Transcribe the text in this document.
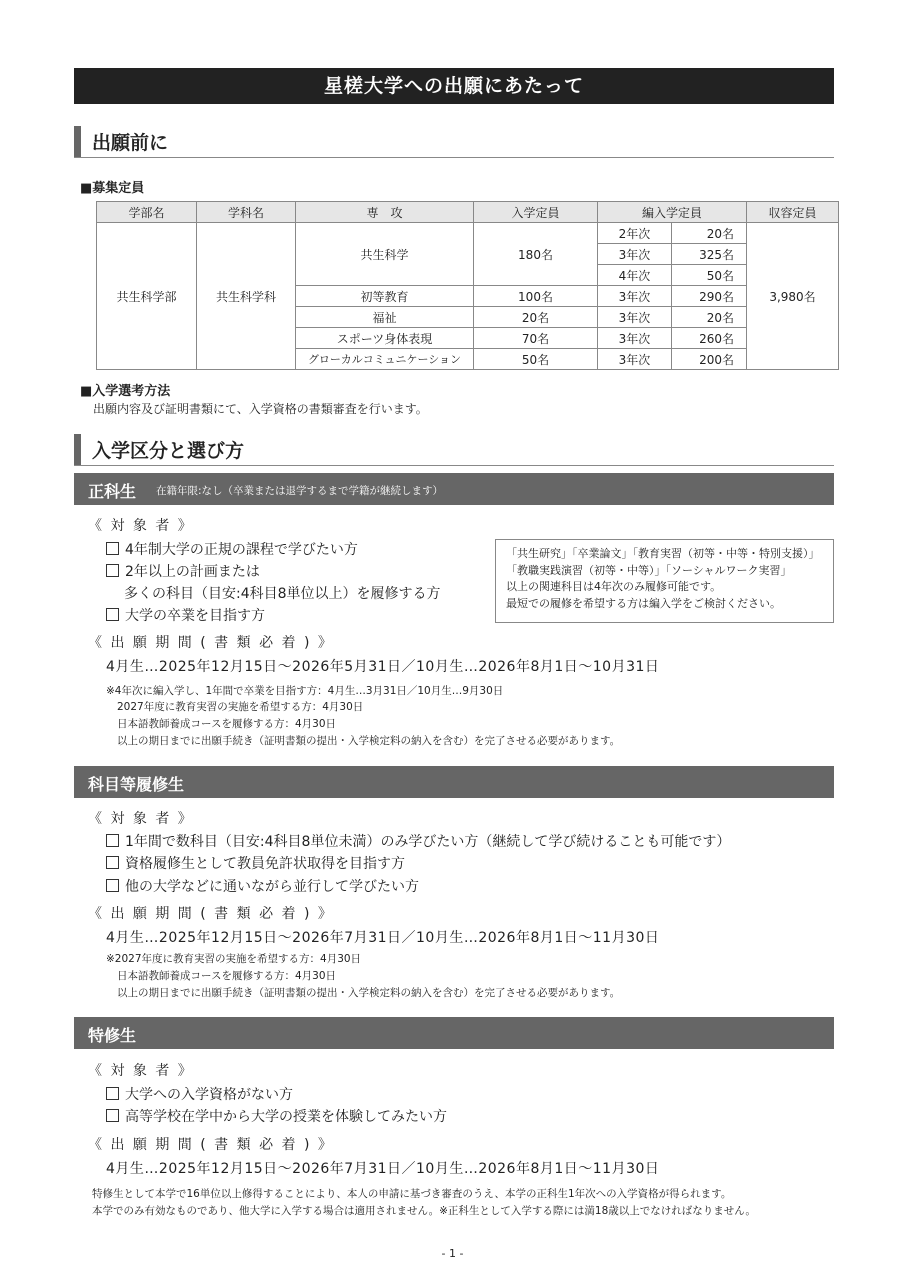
星槎大学への出願にあたって
出願前に
■募集定員
学部名	学科名	専　攻	入学定員	編入学定員		収容定員
共生科学部	共生科学科	共生科学	180名	2年次	20名	3,980名
				3年次	325名	
				4年次	50名	
		初等教育	100名	3年次	290名	
		福祉	20名	3年次	20名	
		スポーツ身体表現	70名	3年次	260名	
		グローカルコミュニケーション	50名	3年次	200名	
■入学選考方法
出願内容及び証明書類にて、入学資格の書類審査を行います。
入学区分と選び方
正科生 在籍年限:なし（卒業または退学するまで学籍が継続します）
《 対 象 者 》
4年制大学の正規の課程で学びたい方
2年以上の計画または
多くの科目（目安:4科目8単位以上）を履修する方
大学の卒業を目指す方
「共生研究」「卒業論文」「教育実習（初等・中等・特別支援）」
「教職実践演習（初等・中等）」「ソーシャルワーク実習」
以上の関連科目は4年次のみ履修可能です。
最短での履修を希望する方は編入学をご検討ください。
《 出 願 期 間 ( 書 類 必 着 ) 》
4月生…2025年12月15日〜2026年5月31日／10月生…2026年8月1日〜10月31日
※4年次に編入学し、1年間で卒業を目指す方：4月生…3月31日／10月生…9月30日
2027年度に教育実習の実施を希望する方：4月30日
日本語教師養成コースを履修する方：4月30日
以上の期日までに出願手続き（証明書類の提出・入学検定料の納入を含む）を完了させる必要があります。
科目等履修生
《 対 象 者 》
1年間で数科目（目安:4科目8単位未満）のみ学びたい方（継続して学び続けることも可能です）
資格履修生として教員免許状取得を目指す方
他の大学などに通いながら並行して学びたい方
《 出 願 期 間 ( 書 類 必 着 ) 》
4月生…2025年12月15日〜2026年7月31日／10月生…2026年8月1日〜11月30日
※2027年度に教育実習の実施を希望する方：4月30日
日本語教師養成コースを履修する方：4月30日
以上の期日までに出願手続き（証明書類の提出・入学検定料の納入を含む）を完了させる必要があります。
特修生
《 対 象 者 》
大学への入学資格がない方
高等学校在学中から大学の授業を体験してみたい方
《 出 願 期 間 ( 書 類 必 着 ) 》
4月生…2025年12月15日〜2026年7月31日／10月生…2026年8月1日〜11月30日
特修生として本学で16単位以上修得することにより、本人の申請に基づき審査のうえ、本学の正科生1年次への入学資格が得られます。
本学でのみ有効なものであり、他大学に入学する場合は適用されません。※正科生として入学する際には満18歳以上でなければなりません。
- 1 -
